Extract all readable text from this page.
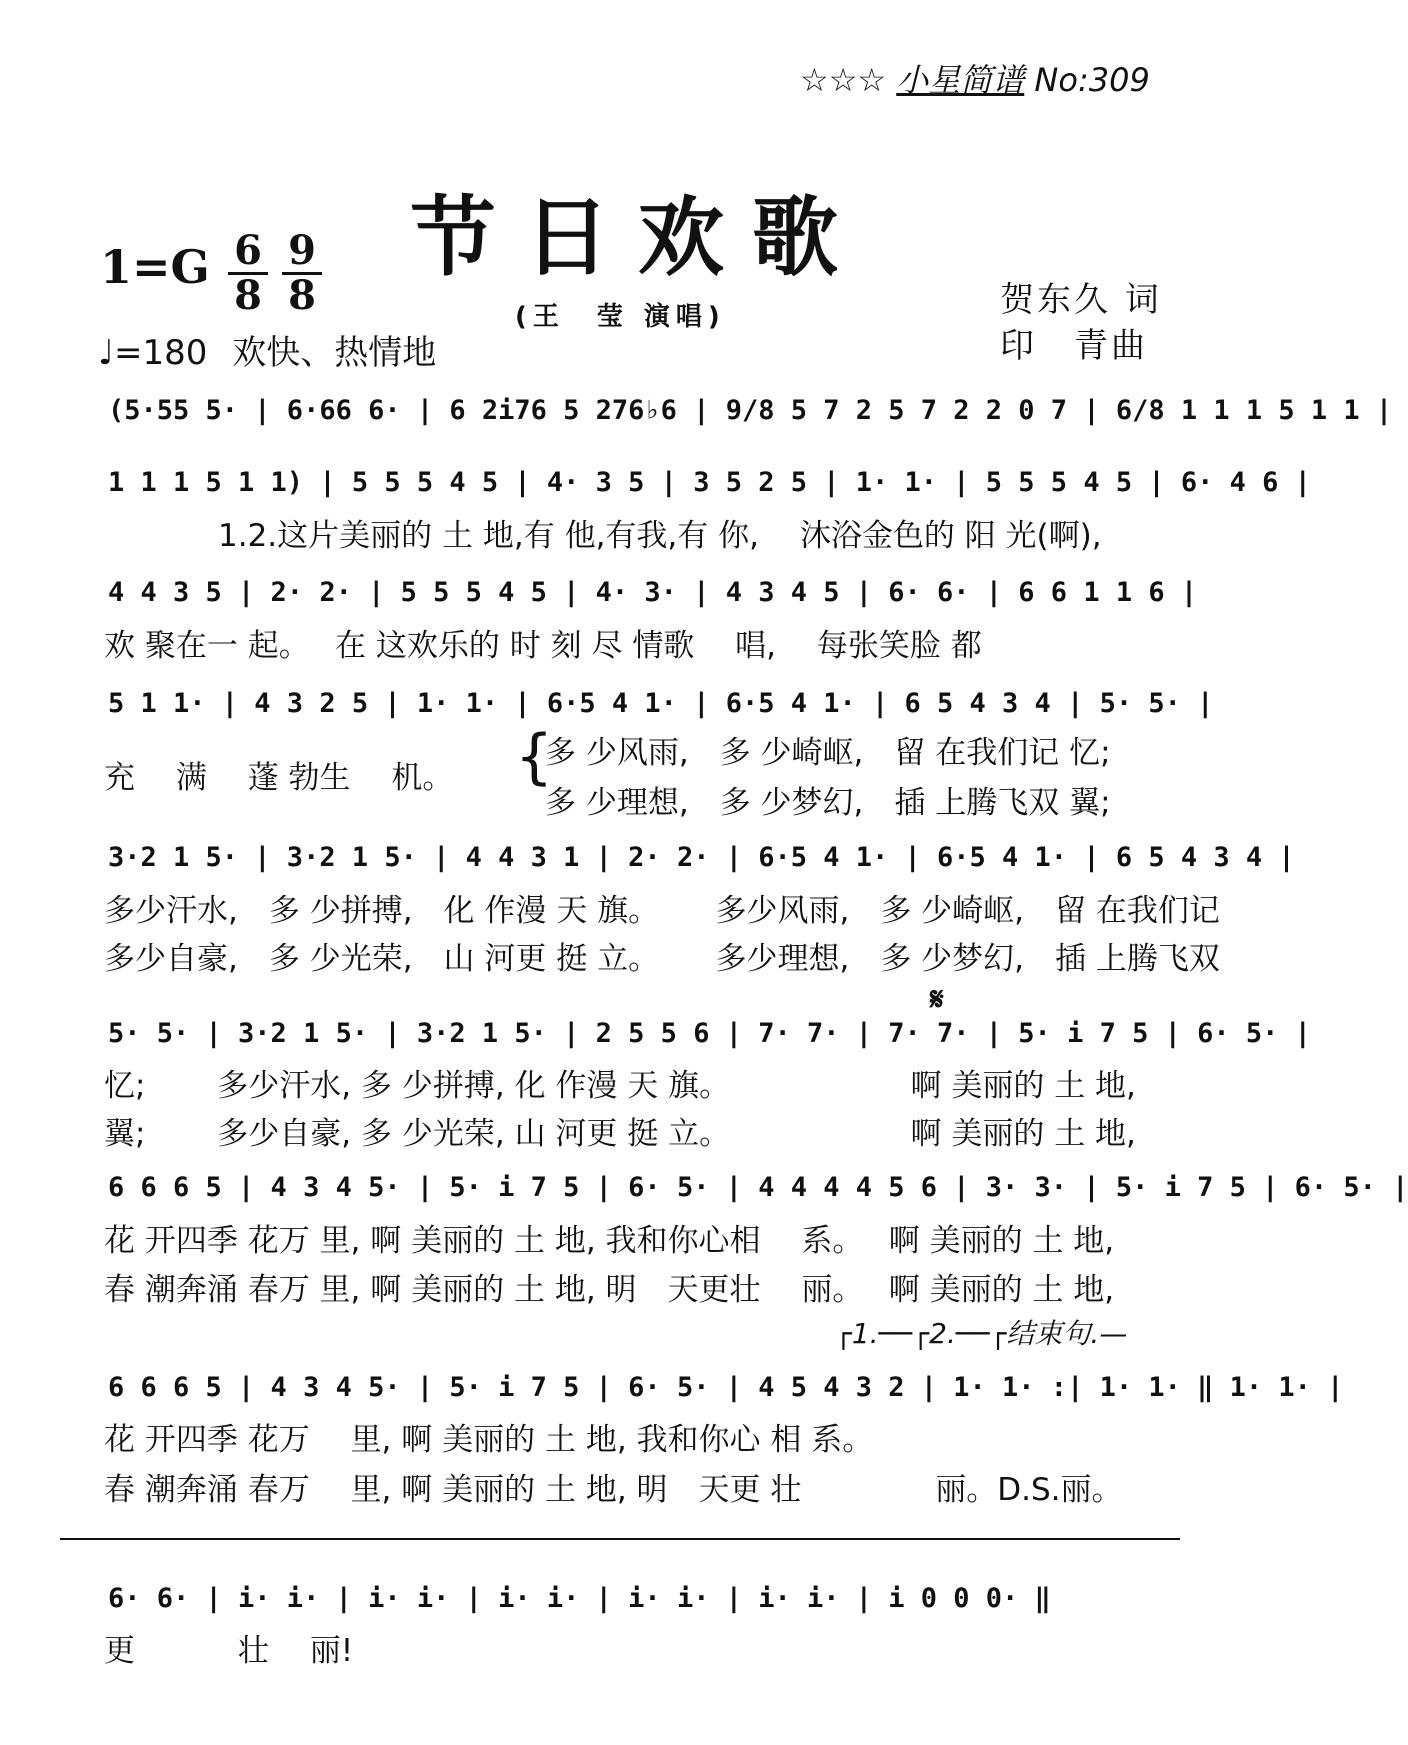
☆☆☆ 小星简谱 No:309
节日欢歌
(王　莹 演唱)
1=G 6
8
9
8
♩=180 欢快、热情地
贺东久 词
印　青曲
(5·55 5· | 6·66 6· | 6 2i76 5 276♭6 | 9/8 5 7 2 5 7 2 2 0 7 | 6/8 1 1 1 5 1 1 |
1 1 1 5 1 1) | 5 5 5 4 5 | 4· 3 5 | 3 5 2 5 | 1· 1· | 5 5 5 4 5 | 6· 4 6 |
1.2.这片美丽的 土 地,有 他,有我,有 你,　 沐浴金色的 阳 光(啊),
4 4 3 5 | 2· 2· | 5 5 5 4 5 | 4· 3· | 4 3 4 5 | 6· 6· | 6 6 1 1 6 |
欢 聚在一 起。　 在 这欢乐的 时 刻 尽 情歌　 唱,　 每张笑脸 都
5 1 1· | 4 3 2 5 | 1· 1· | 6·5 4 1· | 6·5 4 1· | 6 5 4 3 4 | 5· 5· |
充　 满　 蓬 勃生　 机。 {
多 少风雨,　多 少崎岖,　留 在我们记 忆;
多 少理想,　多 少梦幻,　插 上腾飞双 翼;
3·2 1 5· | 3·2 1 5· | 4 4 3 1 | 2· 2· | 6·5 4 1· | 6·5 4 1· | 6 5 4 3 4 |
多少汗水,　多 少拼搏,　化 作漫 天 旗。　　 多少风雨,　多 少崎岖,　留 在我们记
多少自豪,　多 少光荣,　山 河更 挺 立。　　 多少理想,　多 少梦幻,　插 上腾飞双
𝄋
5· 5· | 3·2 1 5· | 3·2 1 5· | 2 5 5 6 | 7· 7· | 7· 7· | 5· i 7 5 | 6· 5· |
忆;　　 多少汗水, 多 少拼搏, 化 作漫 天 旗。　　　　　　 啊 美丽的 土 地,
翼;　　 多少自豪, 多 少光荣, 山 河更 挺 立。　　　　　　 啊 美丽的 土 地,
6 6 6 5 | 4 3 4 5· | 5· i 7 5 | 6· 5· | 4 4 4 4 5 6 | 3· 3· | 5· i 7 5 | 6· 5· |
花 开四季 花万 里, 啊 美丽的 土 地, 我和你心相　 系。　 啊 美丽的 土 地,
春 潮奔涌 春万 里, 啊 美丽的 土 地, 明　天更壮　 丽。　 啊 美丽的 土 地,
┌1.──┌2.──┌结束句.—
6 6 6 5 | 4 3 4 5· | 5· i 7 5 | 6· 5· | 4 5 4 3 2 | 1· 1· :| 1· 1· ‖ 1· 1· |
花 开四季 花万　 里, 啊 美丽的 土 地, 我和你心 相 系。
春 潮奔涌 春万　 里, 啊 美丽的 土 地, 明　天更 壮　　　　 丽。D.S.丽。
6· 6· | i· i· | i· i· | i· i· | i· i· | i· i· | i 0 0 0· ‖
更　　　 壮　 丽!
